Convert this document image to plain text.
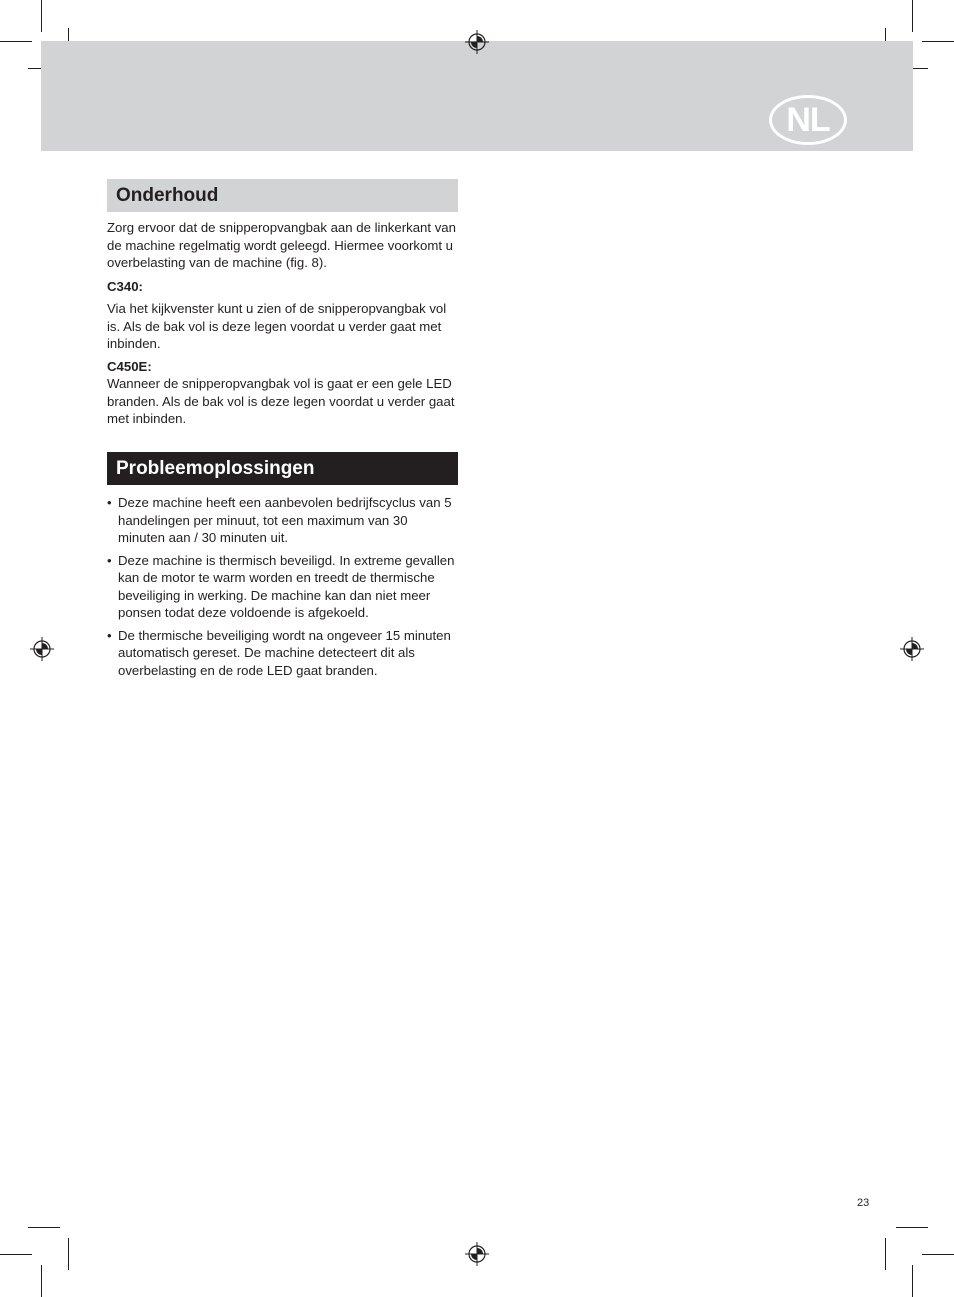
NL
Onderhoud

Zorg ervoor dat de snipperopvangbak aan de linkerkant van de machine regelmatig wordt geleegd. Hiermee voorkomt u overbelasting van de machine (fig. 8).

C340:

Via het kijkvenster kunt u zien of de snipperopvangbak vol is. Als de bak vol is deze legen voordat u verder gaat met inbinden.

C450E:

Wanneer de snipperopvangbak vol is gaat er een gele LED branden. Als de bak vol is deze legen voordat u verder gaat met inbinden.

Probleemoplossingen
• Deze machine heeft een aanbevolen bedrijfscyclus van 5 handelingen per minuut, tot een maximum van 30 minuten aan / 30 minuten uit.
• Deze machine is thermisch beveiligd. In extreme gevallen kan de motor te warm worden en treedt de thermische beveiliging in werking. De machine kan dan niet meer ponsen todat deze voldoende is afgekoeld.
• De thermische beveiliging wordt na ongeveer 15 minuten automatisch gereset. De machine detecteert dit als overbelasting en de rode LED gaat branden.
23
